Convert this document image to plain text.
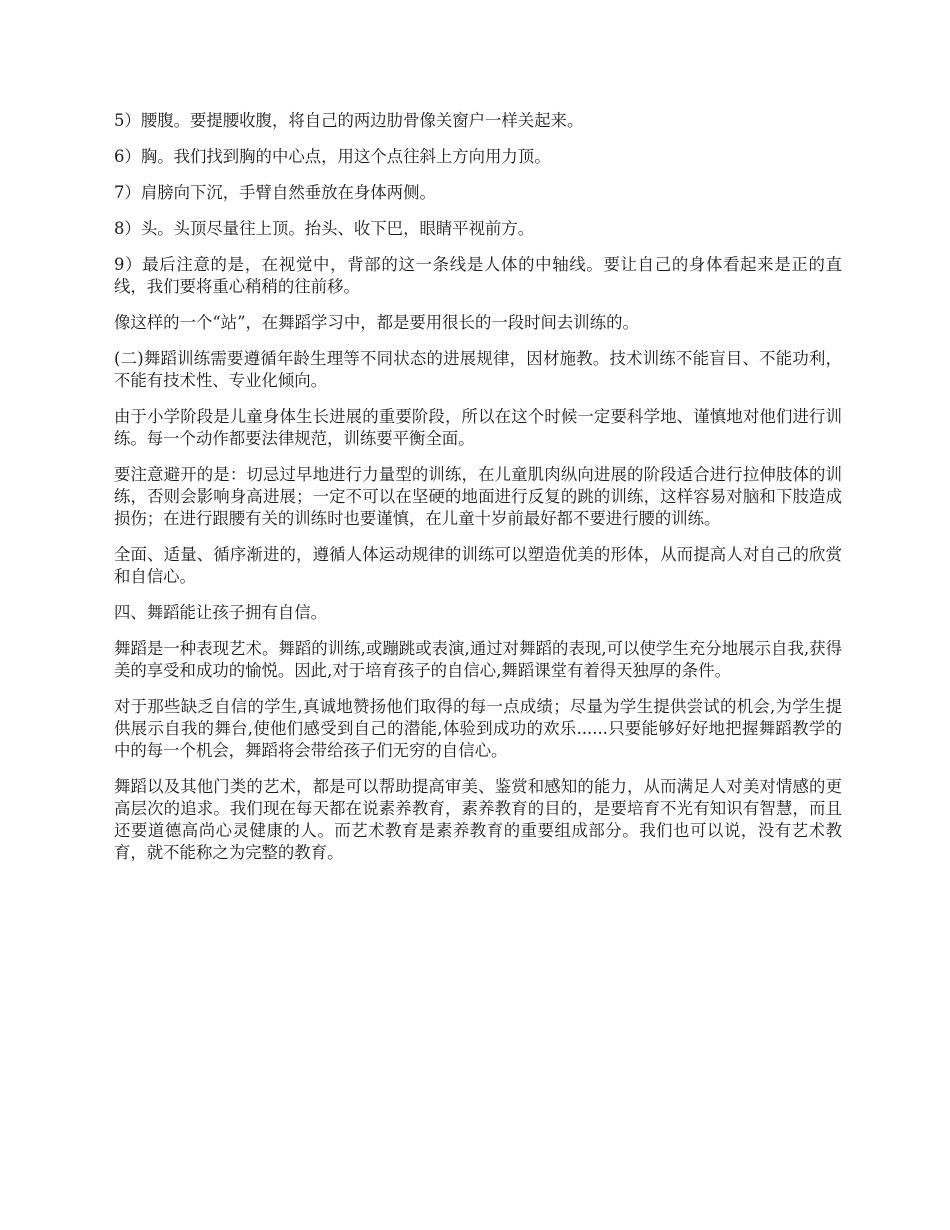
5）腰腹。要提腰收腹，将自己的两边肋骨像关窗户一样关起来。

6）胸。我们找到胸的中心点，用这个点往斜上方向用力顶。

7）肩膀向下沉，手臂自然垂放在身体两侧。

8）头。头顶尽量往上顶。抬头、收下巴，眼睛平视前方。

9）最后注意的是，在视觉中，背部的这一条线是人体的中轴线。要让自己的身体看起来是正的直线，我们要将重心稍稍的往前移。

像这样的一个“站”，在舞蹈学习中，都是要用很长的一段时间去训练的。

(二)舞蹈训练需要遵循年龄生理等不同状态的进展规律，因材施教。技术训练不能盲目、不能功利，不能有技术性、专业化倾向。

由于小学阶段是儿童身体生长进展的重要阶段，所以在这个时候一定要科学地、谨慎地对他们进行训练。每一个动作都要法律规范，训练要平衡全面。

要注意避开的是：切忌过早地进行力量型的训练，在儿童肌肉纵向进展的阶段适合进行拉伸肢体的训练，否则会影响身高进展；一定不可以在坚硬的地面进行反复的跳的训练，这样容易对脑和下肢造成损伤；在进行跟腰有关的训练时也要谨慎，在儿童十岁前最好都不要进行腰的训练。

全面、适量、循序渐进的，遵循人体运动规律的训练可以塑造优美的形体，从而提高人对自己的欣赏和自信心。

四、舞蹈能让孩子拥有自信。

舞蹈是一种表现艺术。舞蹈的训练,或蹦跳或表演,通过对舞蹈的表现,可以使学生充分地展示自我,获得美的享受和成功的愉悦。因此,对于培育孩子的自信心,舞蹈课堂有着得天独厚的条件。

对于那些缺乏自信的学生,真诚地赞扬他们取得的每一点成绩；尽量为学生提供尝试的机会,为学生提供展示自我的舞台,使他们感受到自己的潜能,体验到成功的欢乐......只要能够好好地把握舞蹈教学的中的每一个机会，舞蹈将会带给孩子们无穷的自信心。

舞蹈以及其他门类的艺术，都是可以帮助提高审美、鉴赏和感知的能力，从而满足人对美对情感的更高层次的追求。我们现在每天都在说素养教育，素养教育的目的，是要培育不光有知识有智慧，而且还要道德高尚心灵健康的人。而艺术教育是素养教育的重要组成部分。我们也可以说，没有艺术教育，就不能称之为完整的教育。
